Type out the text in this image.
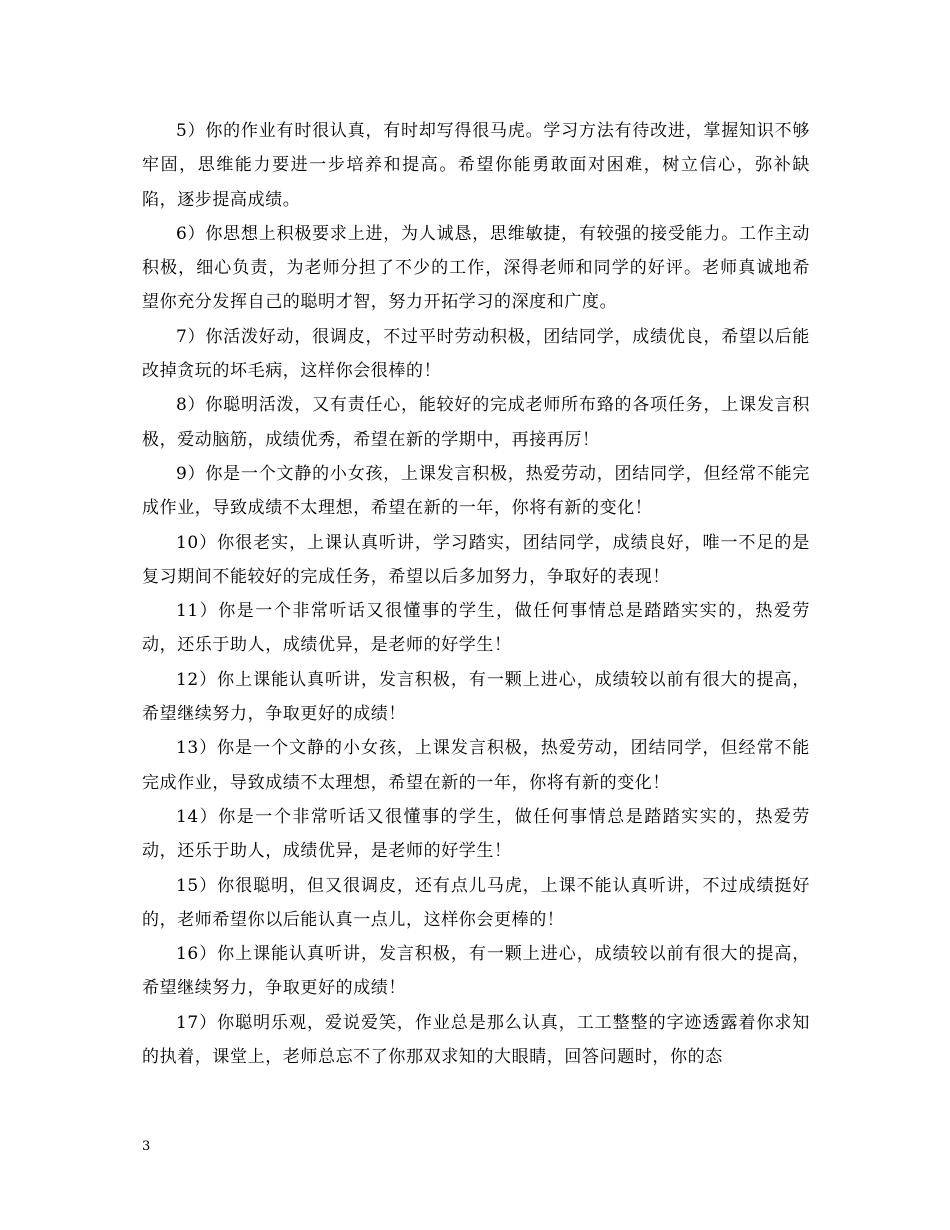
5）你的作业有时很认真，有时却写得很马虎。学习方法有待改进，掌握知识不够牢固，思维能力要进一步培养和提高。希望你能勇敢面对困难，树立信心，弥补缺陷，逐步提高成绩。

6）你思想上积极要求上进，为人诚恳，思维敏捷，有较强的接受能力。工作主动积极，细心负责，为老师分担了不少的工作，深得老师和同学的好评。老师真诚地希望你充分发挥自己的聪明才智，努力开拓学习的深度和广度。

7）你活泼好动，很调皮，不过平时劳动积极，团结同学，成绩优良，希望以后能改掉贪玩的坏毛病，这样你会很棒的！

8）你聪明活泼，又有责任心，能较好的完成老师所布臵的各项任务，上课发言积极，爱动脑筋，成绩优秀，希望在新的学期中，再接再厉！

9）你是一个文静的小女孩，上课发言积极，热爱劳动，团结同学，但经常不能完成作业，导致成绩不太理想，希望在新的一年，你将有新的变化！

10）你很老实，上课认真听讲，学习踏实，团结同学，成绩良好，唯一不足的是复习期间不能较好的完成任务，希望以后多加努力，争取好的表现！

11）你是一个非常听话又很懂事的学生，做任何事情总是踏踏实实的，热爱劳动，还乐于助人，成绩优异，是老师的好学生！

12）你上课能认真听讲，发言积极，有一颗上进心，成绩较以前有很大的提高，希望继续努力，争取更好的成绩！

13）你是一个文静的小女孩，上课发言积极，热爱劳动，团结同学，但经常不能完成作业，导致成绩不太理想，希望在新的一年，你将有新的变化！

14）你是一个非常听话又很懂事的学生，做任何事情总是踏踏实实的，热爱劳动，还乐于助人，成绩优异，是老师的好学生！

15）你很聪明，但又很调皮，还有点儿马虎，上课不能认真听讲，不过成绩挺好的，老师希望你以后能认真一点儿，这样你会更棒的！

16）你上课能认真听讲，发言积极，有一颗上进心，成绩较以前有很大的提高，希望继续努力，争取更好的成绩！

17）你聪明乐观，爱说爱笑，作业总是那么认真，工工整整的字迹透露着你求知的执着，课堂上，老师总忘不了你那双求知的大眼睛，回答问题时，你的态

3
